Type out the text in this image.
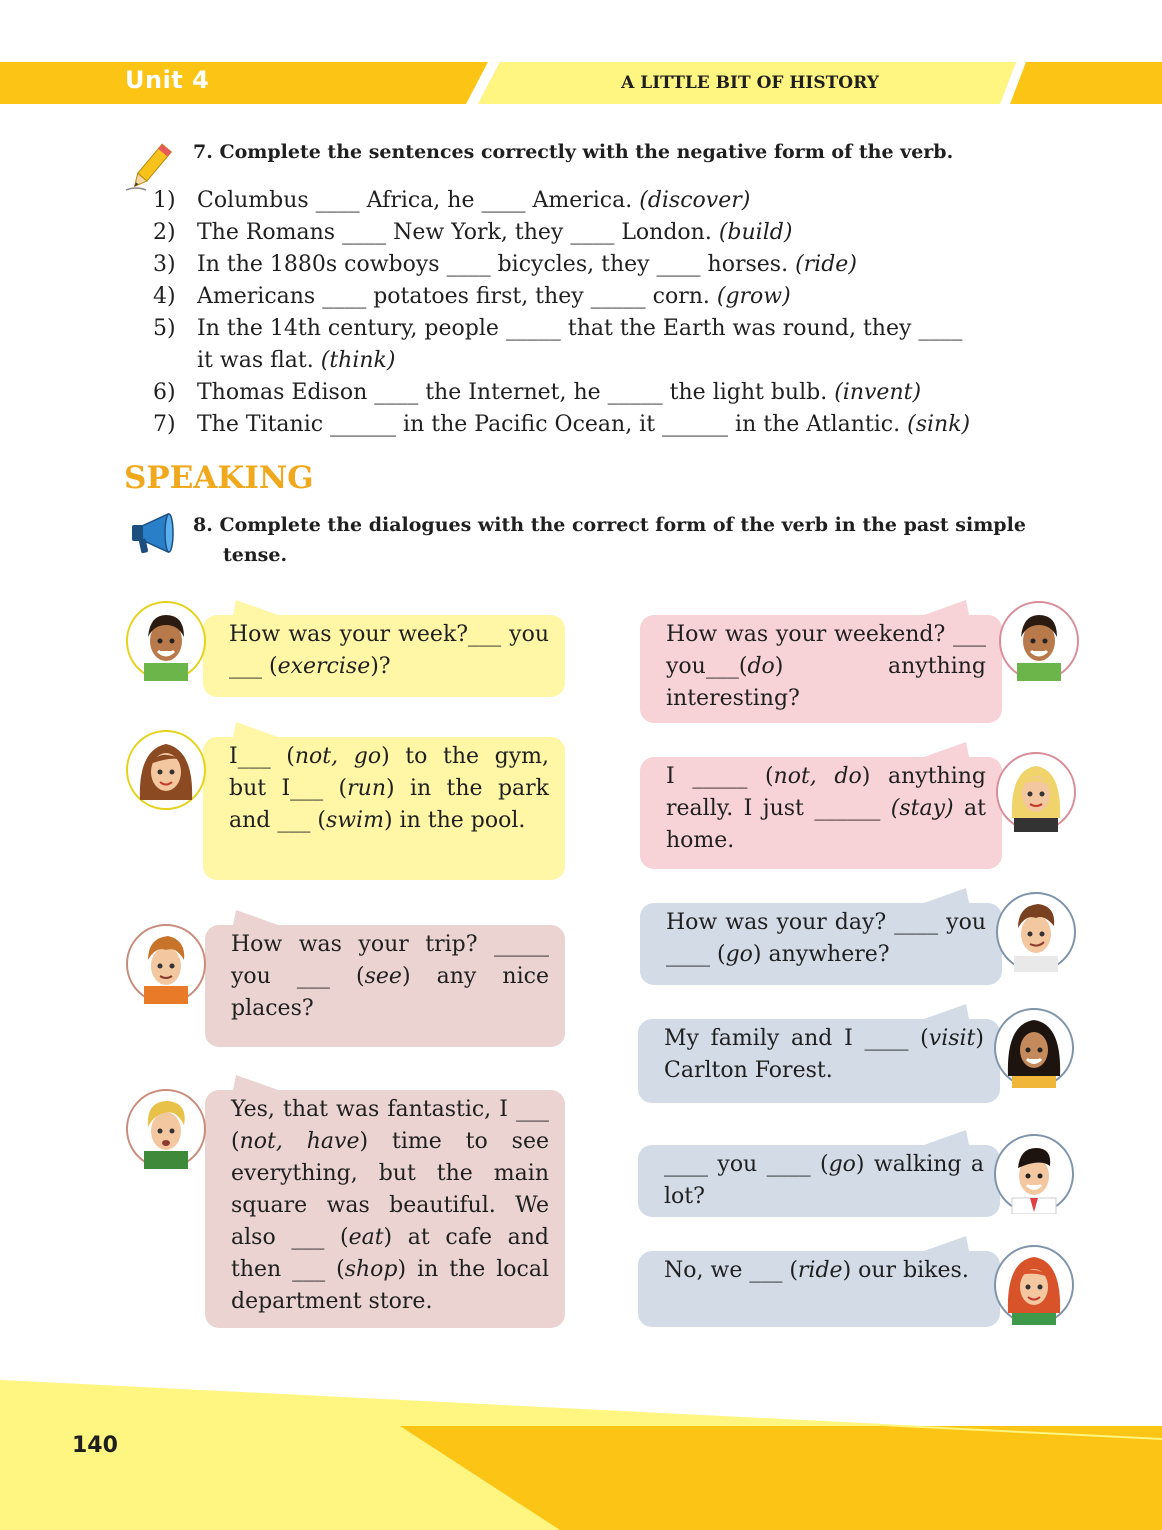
Unit 4	A LITTLE BIT OF HISTORY
7. Complete the sentences correctly with the negative form of the verb.
1) Columbus ____ Africa, he ____ America. (discover)
2) The Romans ____ New York, they ____ London. (build)
3) In the 1880s cowboys ____ bicycles, they ____ horses. (ride)
4) Americans ____ potatoes first, they _____ corn. (grow)
5) In the 14th century, people _____ that the Earth was round, they ____
it was flat. (think)
6) Thomas Edison ____ the Internet, he _____ the light bulb. (invent)
7) The Titanic ______ in the Pacific Ocean, it ______ in the Atlantic. (sink)
SPEAKING
8. Complete the dialogues with the correct form of the verb in the past simple
tense.
How was your week?___ you ___ (exercise)?
I___ (not, go) to the gym, but I___ (run) in the park and ___ (swim) in the pool.
How was your trip? _____ you ___ (see) any nice places?
Yes, that was fantastic, I ___ (not, have) time to see everything, but the main square was beautiful. We also ___ (eat) at cafe and then ___ (shop) in the local department store.
How was your weekend? ___ you___(do) anything interesting?
I _____ (not, do) anything really. I just ______ (stay) at home.
How was your day? ____ you ____ (go) anywhere?
My family and I ____ (visit) Carlton Forest.
____ you ____ (go) walking a lot?
No, we ___ (ride) our bikes.
140
